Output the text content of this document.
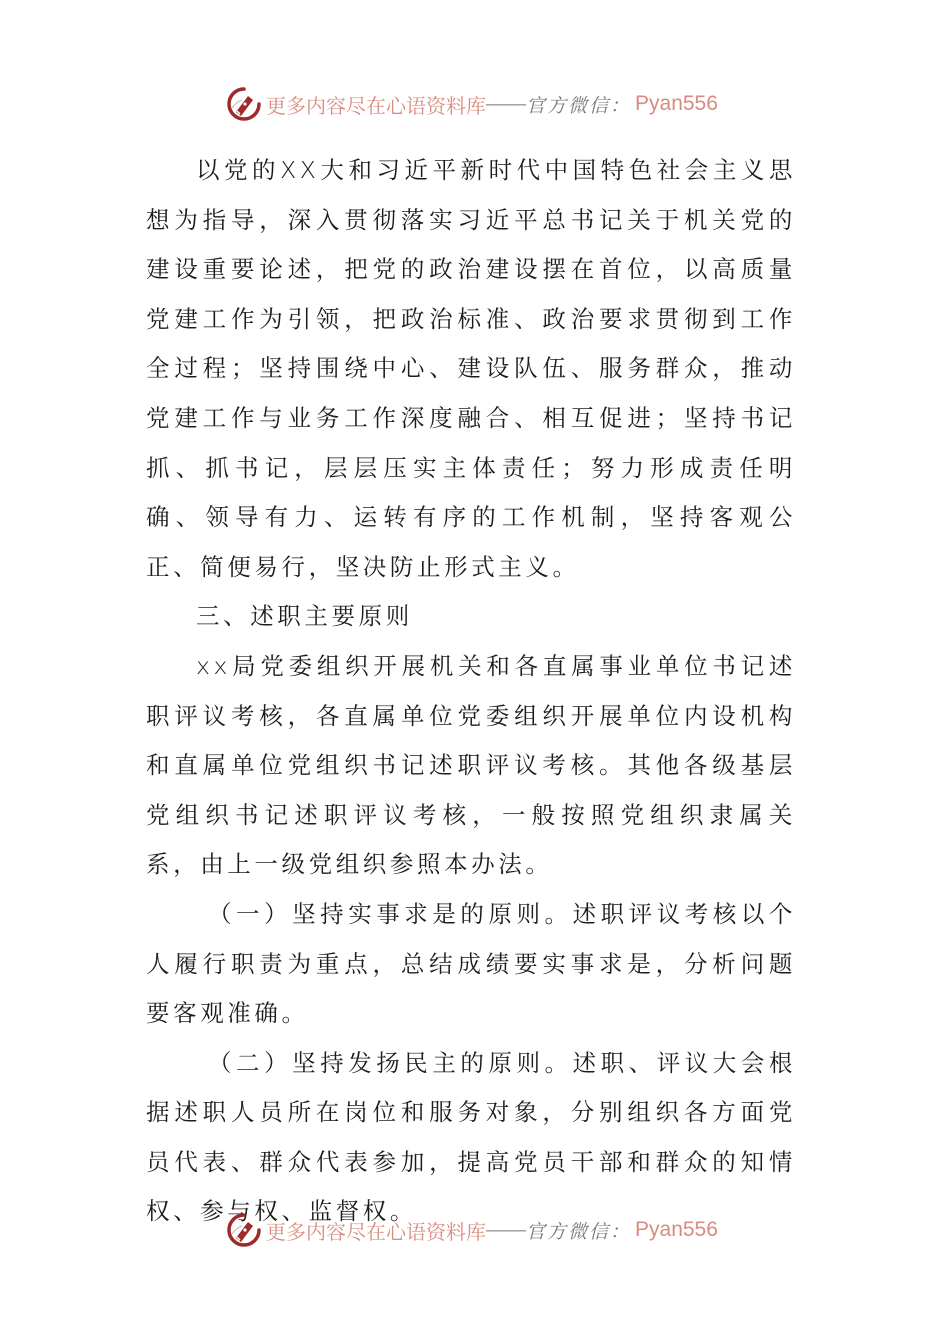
更多内容尽在心语资料库 —— 官方微信： Pyan556

以党的XX大和习近平新时代中国特色社会主义思想为指导，深入贯彻落实习近平总书记关于机关党的建设重要论述，把党的政治建设摆在首位，以高质量党建工作为引领，把政治标准、政治要求贯彻到工作全过程；坚持围绕中心、建设队伍、服务群众，推动党建工作与业务工作深度融合、相互促进；坚持书记抓、抓书记，层层压实主体责任；努力形成责任明确、领导有力、运转有序的工作机制，坚持客观公正、简便易行，坚决防止形式主义。

三、述职主要原则

xx局党委组织开展机关和各直属事业单位书记述职评议考核，各直属单位党委组织开展单位内设机构和直属单位党组织书记述职评议考核。其他各级基层党组织书记述职评议考核，一般按照党组织隶属关系，由上一级党组织参照本办法。

（一）坚持实事求是的原则。述职评议考核以个人履行职责为重点，总结成绩要实事求是，分析问题要客观准确。

（二）坚持发扬民主的原则。述职、评议大会根据述职人员所在岗位和服务对象，分别组织各方面党员代表、群众代表参加，提高党员干部和群众的知情权、参与权、监督权。

更多内容尽在心语资料库 —— 官方微信： Pyan556
